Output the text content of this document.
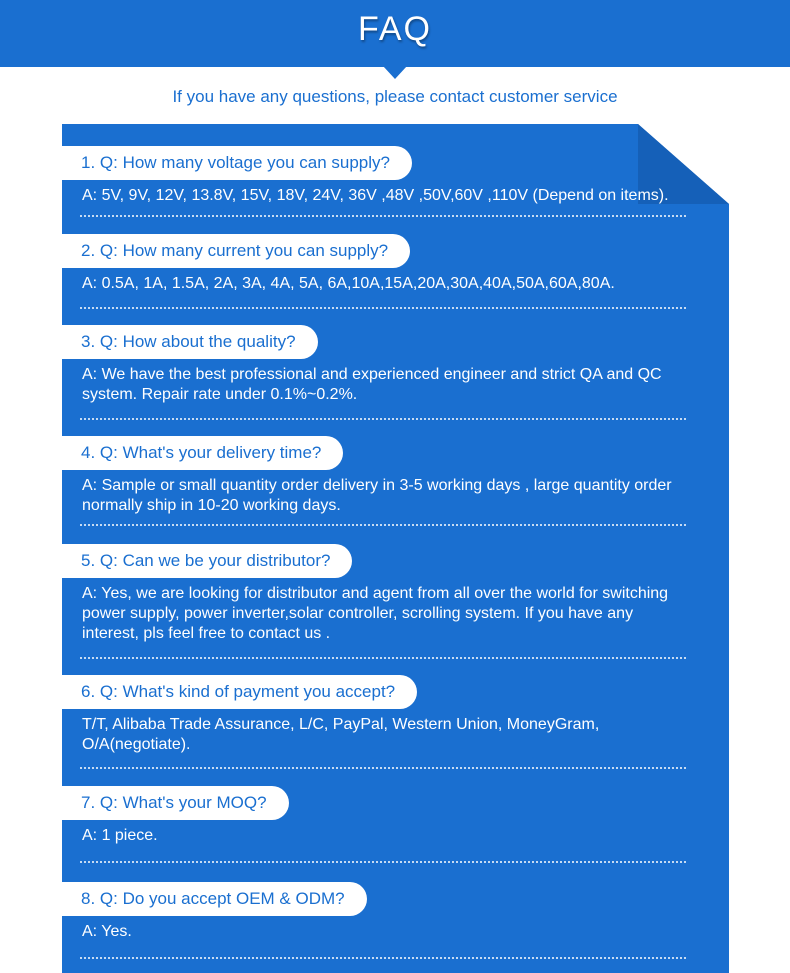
FAQ
If you have any questions, please contact customer service
1. Q: How many voltage you can supply?
A: 5V, 9V, 12V, 13.8V, 15V, 18V, 24V, 36V ,48V ,50V,60V ,110V (Depend on items).
2. Q: How many current you can supply?
A: 0.5A, 1A, 1.5A, 2A, 3A, 4A, 5A, 6A,10A,15A,20A,30A,40A,50A,60A,80A.
3. Q: How about the quality?
A: We have the best professional and experienced engineer and strict QA and QC system. Repair rate under 0.1%~0.2%.
4. Q: What's your delivery time?
A: Sample or small quantity order delivery in 3-5 working days , large quantity order normally ship in 10-20 working days.
5. Q: Can we be your distributor?
A: Yes, we are looking for distributor and agent from all over the world for switching power supply, power inverter,solar controller, scrolling system. If you have any interest, pls feel free to contact us .
6. Q: What's kind of payment you accept?
T/T, Alibaba Trade Assurance, L/C, PayPal, Western Union, MoneyGram, O/A(negotiate).
7. Q: What's your MOQ?
A: 1 piece.
8. Q: Do you accept OEM & ODM?
A: Yes.
